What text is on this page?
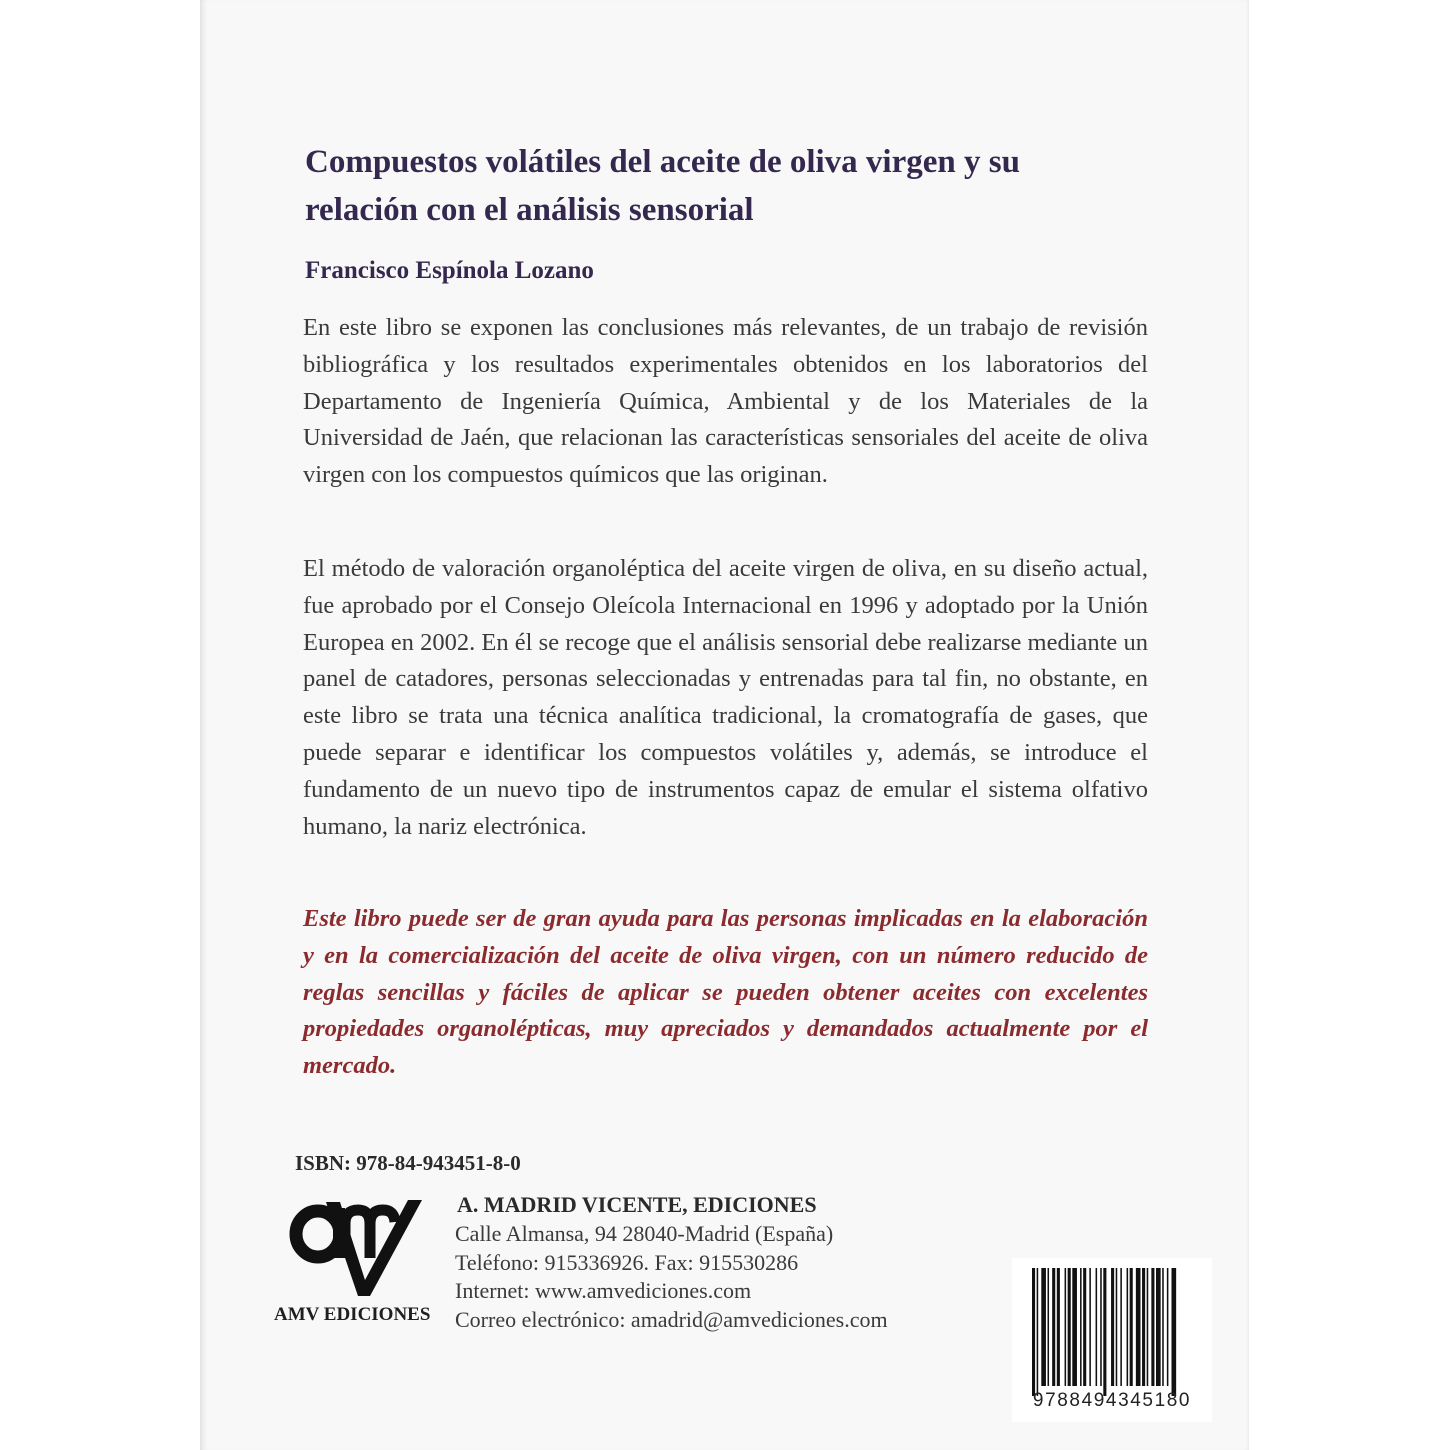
Compuestos volátiles del aceite de oliva virgen y su relación con el análisis sensorial

Francisco Espínola Lozano

En este libro se exponen las conclusiones más relevantes, de un trabajo de revisión bibliográfica y los resultados experimentales obtenidos en los laboratorios del Departamento de Ingeniería Química, Ambiental y de los Materiales de la Universidad de Jaén, que relacionan las características sensoriales del aceite de oliva virgen con los compuestos químicos que las originan.

El método de valoración organoléptica del aceite virgen de oliva, en su diseño actual, fue aprobado por el Consejo Oleícola Internacional en 1996 y adoptado por la Unión Europea en 2002. En él se recoge que el análisis sensorial debe realizarse mediante un panel de catadores, personas seleccionadas y entrenadas para tal fin, no obstante, en este libro se trata una técnica analítica tradicional, la cromatografía de gases, que puede separar e identificar los compuestos volátiles y, además, se introduce el fundamento de un nuevo tipo de instrumentos capaz de emular el sistema olfativo humano, la nariz electrónica.

Este libro puede ser de gran ayuda para las personas implicadas en la elaboración y en la comercialización del aceite de oliva virgen, con un número reducido de reglas sencillas y fáciles de aplicar se pueden obtener aceites con excelentes propiedades organolépticas, muy apreciados y demandados actualmente por el mercado.

ISBN: 978-84-943451-8-0

AMV EDICIONES

A. MADRID VICENTE, EDICIONES
Calle Almansa, 94 28040-Madrid (España)
Teléfono: 915336926. Fax: 915530286
Internet: www.amvediciones.com
Correo electrónico: amadrid@amvediciones.com

9788494345180
